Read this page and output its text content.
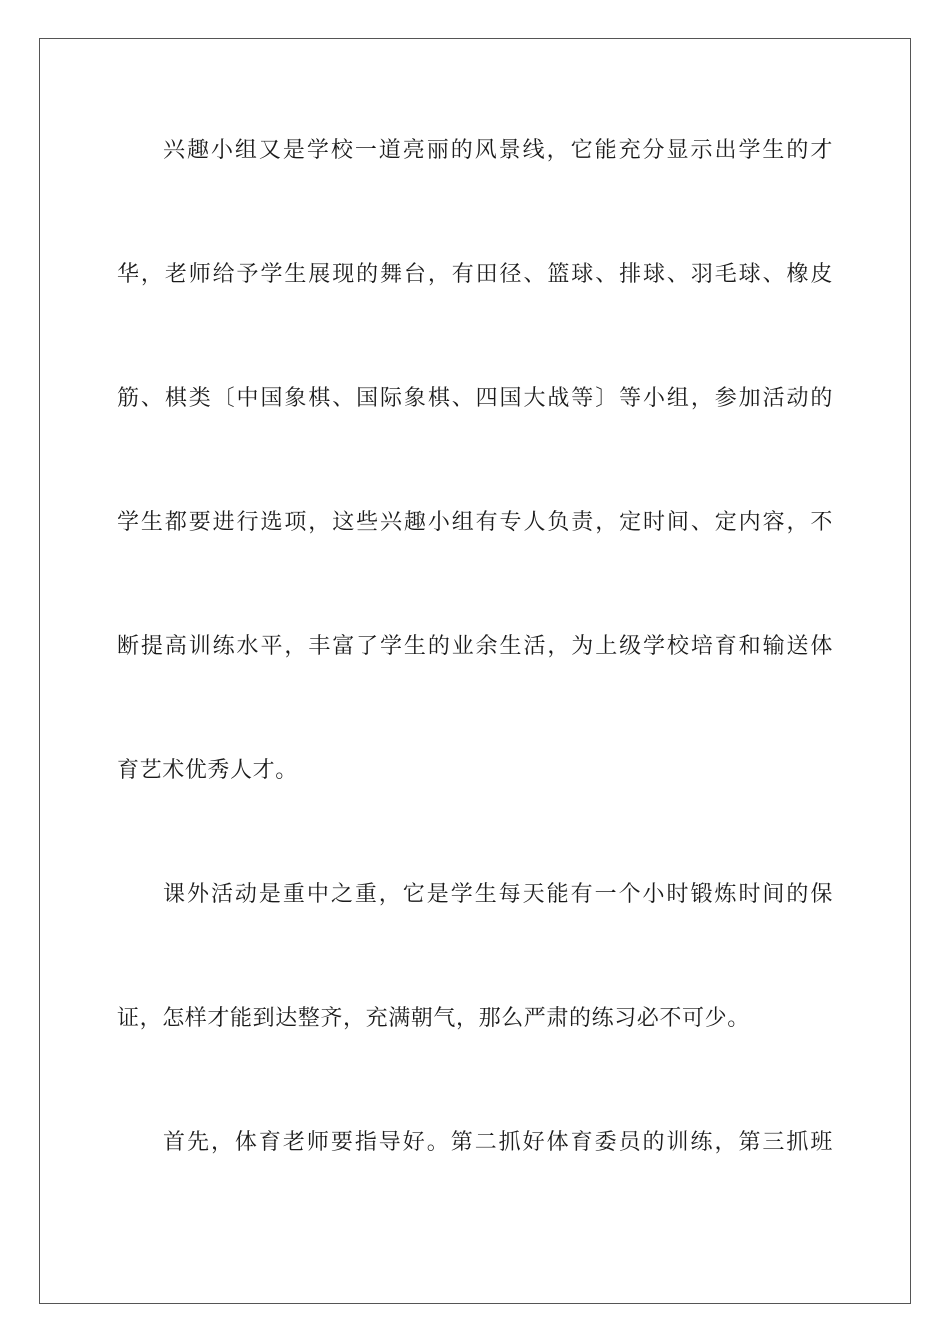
兴趣小组又是学校一道亮丽的风景线，它能充分显示出学生的才
华，老师给予学生展现的舞台，有田径、篮球、排球、羽毛球、橡皮
筋、棋类〔中国象棋、国际象棋、四国大战等〕等小组，参加活动的
学生都要进行选项，这些兴趣小组有专人负责，定时间、定内容，不
断提高训练水平，丰富了学生的业余生活，为上级学校培育和输送体
育艺术优秀人才。
课外活动是重中之重，它是学生每天能有一个小时锻炼时间的保
证，怎样才能到达整齐，充满朝气，那么严肃的练习必不可少。
首先，体育老师要指导好。第二抓好体育委员的训练，第三抓班
